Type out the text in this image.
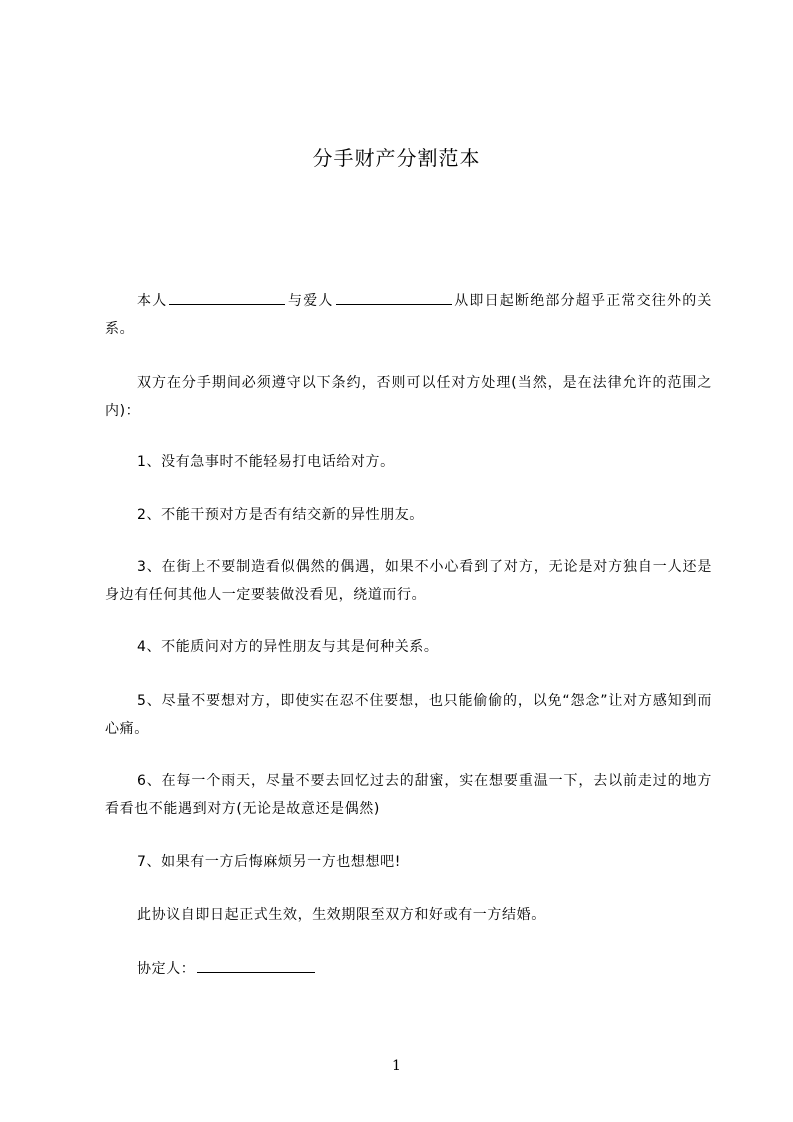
分手财产分割范本
本人	与爱人	从即日起断绝部分超乎正常交往外的关系。
双方在分手期间必须遵守以下条约，否则可以任对方处理(当然，是在法律允许的范围之内)：
1、没有急事时不能轻易打电话给对方。
2、不能干预对方是否有结交新的异性朋友。
3、在街上不要制造看似偶然的偶遇，如果不小心看到了对方，无论是对方独自一人还是身边有任何其他人一定要装做没看见，绕道而行。
4、不能质问对方的异性朋友与其是何种关系。
5、尽量不要想对方，即使实在忍不住要想，也只能偷偷的，以免“怨念”让对方感知到而心痛。
6、在每一个雨天，尽量不要去回忆过去的甜蜜，实在想要重温一下，去以前走过的地方看看也不能遇到对方(无论是故意还是偶然)
7、如果有一方后悔麻烦另一方也想想吧!
此协议自即日起正式生效，生效期限至双方和好或有一方结婚。
协定人：
1
